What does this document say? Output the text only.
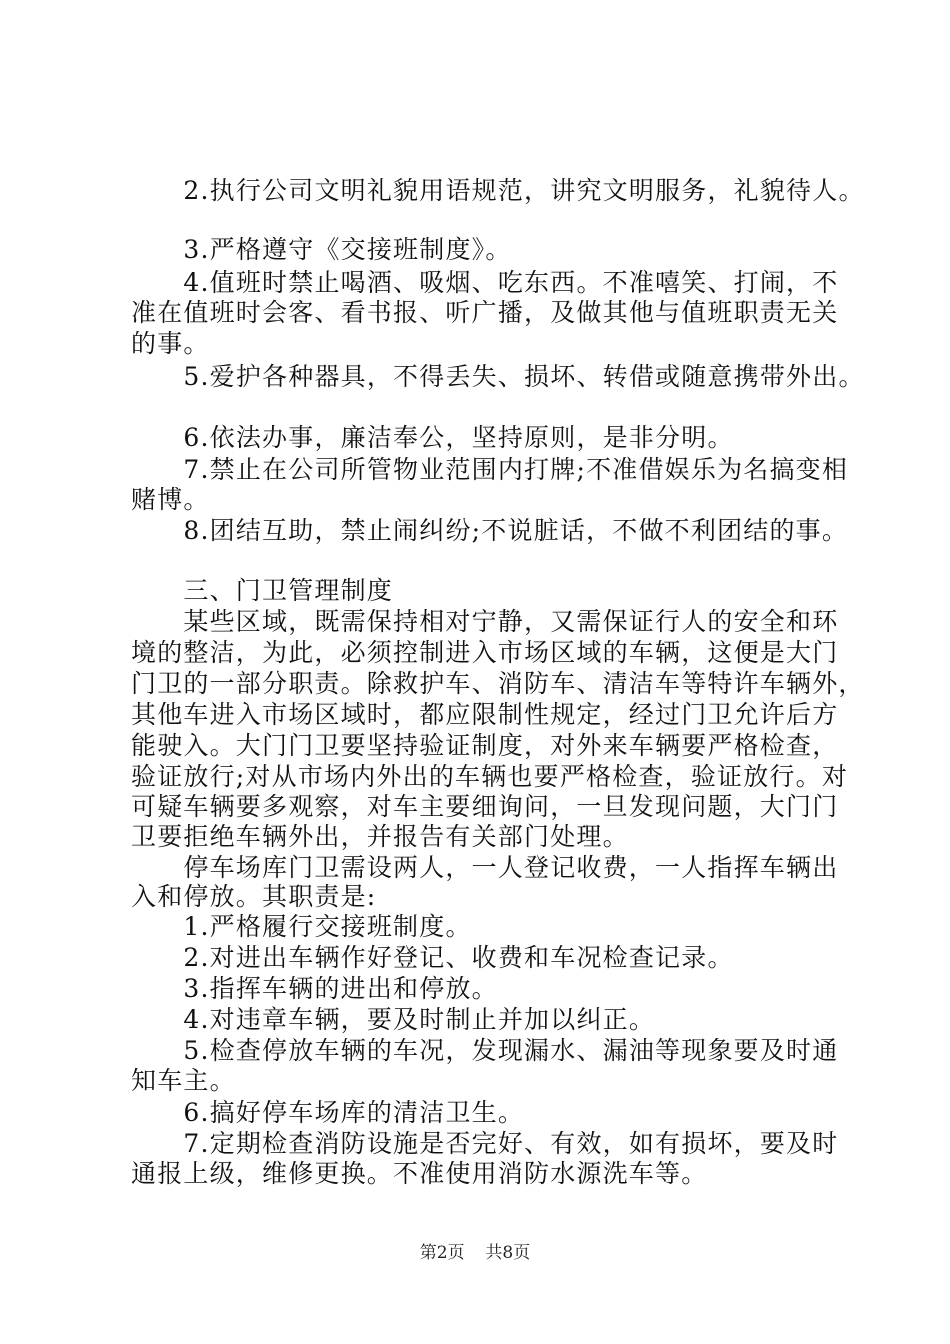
　　2.执行公司文明礼貌用语规范，讲究文明服务，礼貌待人。
　　3.严格遵守《交接班制度》。
　　4.值班时禁止喝酒、吸烟、吃东西。不准嘻笑、打闹，不
准在值班时会客、看书报、听广播，及做其他与值班职责无关
的事。
　　5.爱护各种器具，不得丢失、损坏、转借或随意携带外出。
　　6.依法办事，廉洁奉公，坚持原则，是非分明。
　　7.禁止在公司所管物业范围内打牌;不准借娱乐为名搞变相
赌博。
　　8.团结互助，禁止闹纠纷;不说脏话，不做不利团结的事。
　　三、门卫管理制度
　　某些区域，既需保持相对宁静，又需保证行人的安全和环
境的整洁，为此，必须控制进入市场区域的车辆，这便是大门
门卫的一部分职责。除救护车、消防车、清洁车等特许车辆外，
其他车进入市场区域时，都应限制性规定，经过门卫允许后方
能驶入。大门门卫要坚持验证制度，对外来车辆要严格检查，
验证放行;对从市场内外出的车辆也要严格检查，验证放行。对
可疑车辆要多观察，对车主要细询问，一旦发现问题，大门门
卫要拒绝车辆外出，并报告有关部门处理。
　　停车场库门卫需设两人，一人登记收费，一人指挥车辆出
入和停放。其职责是:
　　1.严格履行交接班制度。
　　2.对进出车辆作好登记、收费和车况检查记录。
　　3.指挥车辆的进出和停放。
　　4.对违章车辆，要及时制止并加以纠正。
　　5.检查停放车辆的车况，发现漏水、漏油等现象要及时通
知车主。
　　6.搞好停车场库的清洁卫生。
　　7.定期检查消防设施是否完好、有效，如有损坏，要及时
通报上级，维修更换。不准使用消防水源洗车等。
第2页 共8页
